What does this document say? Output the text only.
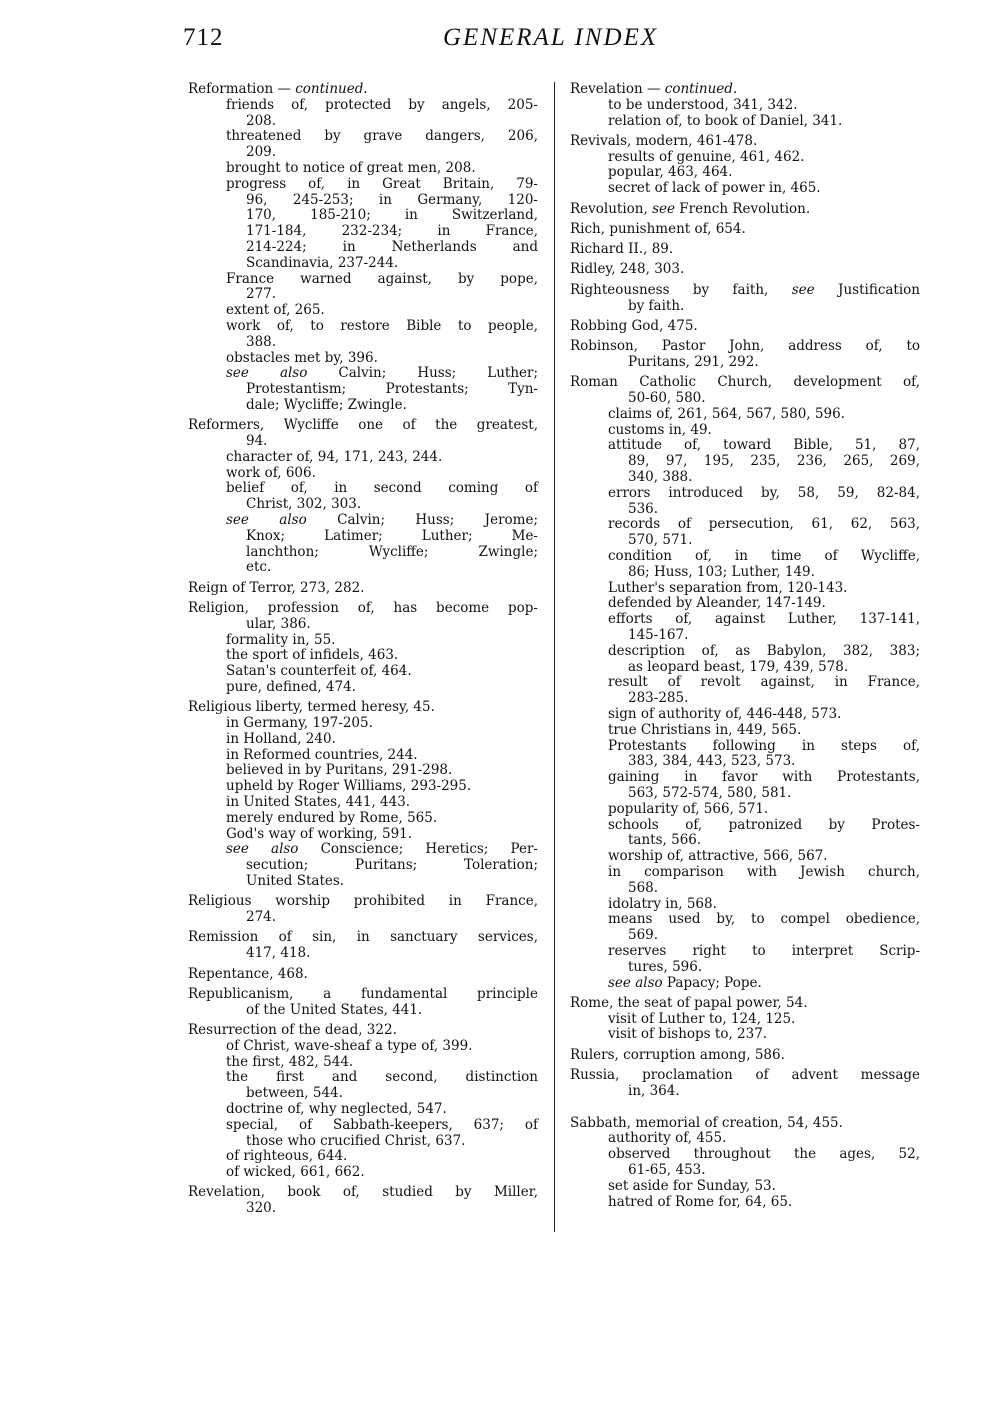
712	GENERAL INDEX
Reformation — continued.
friends of, protected by angels, 205-
208.
threatened by grave dangers, 206,
209.
brought to notice of great men, 208.
progress of, in Great Britain, 79-
96, 245-253; in Germany, 120-
170, 185-210; in Switzerland,
171-184, 232-234; in France,
214-224; in Netherlands and
Scandinavia, 237-244.
France warned against, by pope,
277.
extent of, 265.
work of, to restore Bible to people,
388.
obstacles met by, 396.
see also Calvin; Huss; Luther;
Protestantism; Protestants; Tyn-
dale; Wycliffe; Zwingle.
Reformers, Wycliffe one of the greatest,
94.
character of, 94, 171, 243, 244.
work of, 606.
belief of, in second coming of
Christ, 302, 303.
see also Calvin; Huss; Jerome;
Knox; Latimer; Luther; Me-
lanchthon; Wycliffe; Zwingle;
etc.
Reign of Terror, 273, 282.
Religion, profession of, has become pop-
ular, 386.
formality in, 55.
the sport of infidels, 463.
Satan's counterfeit of, 464.
pure, defined, 474.
Religious liberty, termed heresy, 45.
in Germany, 197-205.
in Holland, 240.
in Reformed countries, 244.
believed in by Puritans, 291-298.
upheld by Roger Williams, 293-295.
in United States, 441, 443.
merely endured by Rome, 565.
God's way of working, 591.
see also Conscience; Heretics; Per-
secution; Puritans; Toleration;
United States.
Religious worship prohibited in France,
274.
Remission of sin, in sanctuary services,
417, 418.
Repentance, 468.
Republicanism, a fundamental principle
of the United States, 441.
Resurrection of the dead, 322.
of Christ, wave-sheaf a type of, 399.
the first, 482, 544.
the first and second, distinction
between, 544.
doctrine of, why neglected, 547.
special, of Sabbath-keepers, 637; of
those who crucified Christ, 637.
of righteous, 644.
of wicked, 661, 662.
Revelation, book of, studied by Miller,
320.
Revelation — continued.
to be understood, 341, 342.
relation of, to book of Daniel, 341.
Revivals, modern, 461-478.
results of genuine, 461, 462.
popular, 463, 464.
secret of lack of power in, 465.
Revolution, see French Revolution.
Rich, punishment of, 654.
Richard II., 89.
Ridley, 248, 303.
Righteousness by faith, see Justification
by faith.
Robbing God, 475.
Robinson, Pastor John, address of, to
Puritans, 291, 292.
Roman Catholic Church, development of,
50-60, 580.
claims of, 261, 564, 567, 580, 596.
customs in, 49.
attitude of, toward Bible, 51, 87,
89, 97, 195, 235, 236, 265, 269,
340, 388.
errors introduced by, 58, 59, 82-84,
536.
records of persecution, 61, 62, 563,
570, 571.
condition of, in time of Wycliffe,
86; Huss, 103; Luther, 149.
Luther's separation from, 120-143.
defended by Aleander, 147-149.
efforts of, against Luther, 137-141,
145-167.
description of, as Babylon, 382, 383;
as leopard beast, 179, 439, 578.
result of revolt against, in France,
283-285.
sign of authority of, 446-448, 573.
true Christians in, 449, 565.
Protestants following in steps of,
383, 384, 443, 523, 573.
gaining in favor with Protestants,
563, 572-574, 580, 581.
popularity of, 566, 571.
schools of, patronized by Protes-
tants, 566.
worship of, attractive, 566, 567.
in comparison with Jewish church,
568.
idolatry in, 568.
means used by, to compel obedience,
569.
reserves right to interpret Scrip-
tures, 596.
see also Papacy; Pope.
Rome, the seat of papal power, 54.
visit of Luther to, 124, 125.
visit of bishops to, 237.
Rulers, corruption among, 586.
Russia, proclamation of advent message
in, 364.
Sabbath, memorial of creation, 54, 455.
authority of, 455.
observed throughout the ages, 52,
61-65, 453.
set aside for Sunday, 53.
hatred of Rome for, 64, 65.
